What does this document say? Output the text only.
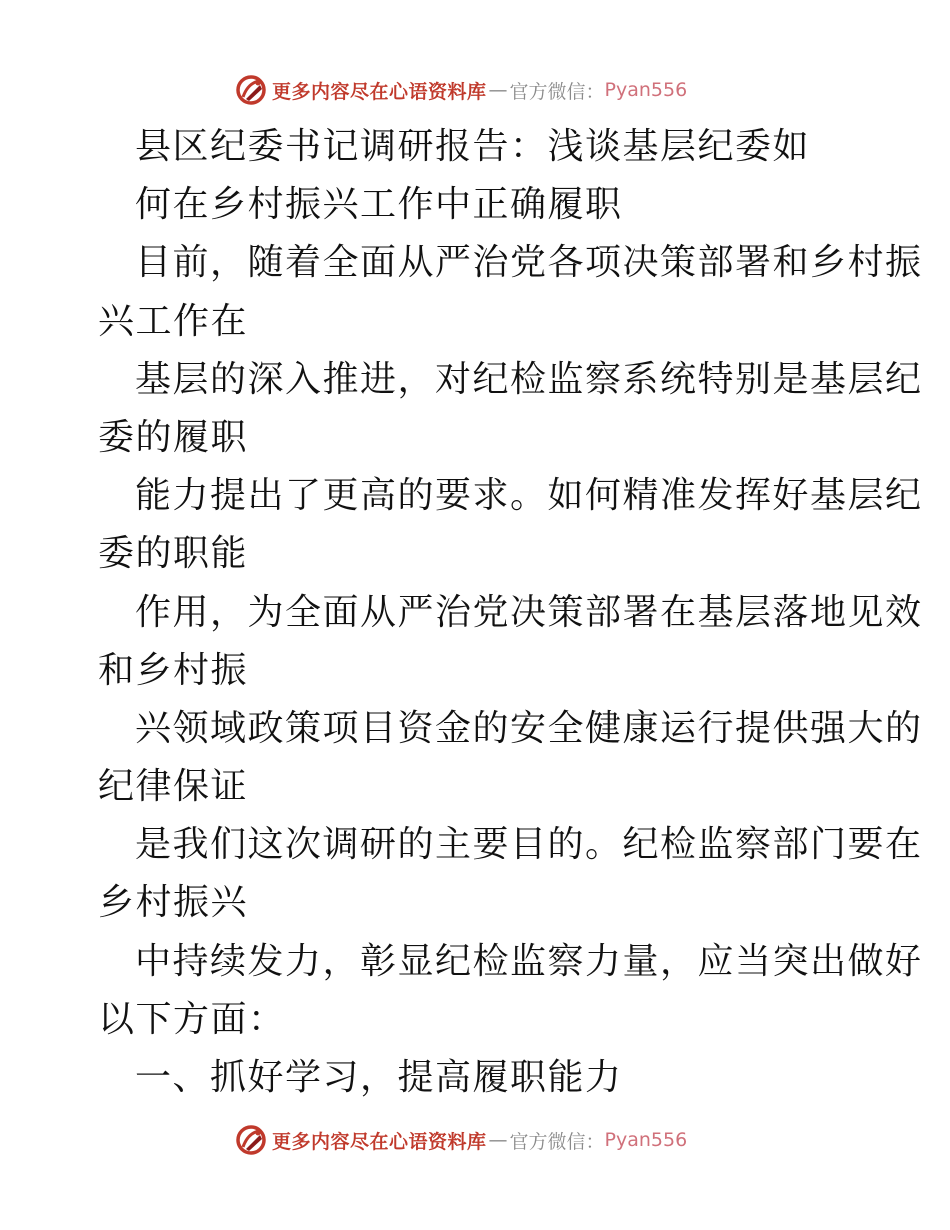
更多内容尽在心语资料库 — 官方微信： Pyan556
县区纪委书记调研报告：浅谈基层纪委如
何在乡村振兴工作中正确履职
目前，随着全面从严治党各项决策部署和乡村振
兴工作在
基层的深入推进，对纪检监察系统特别是基层纪
委的履职
能力提出了更高的要求。如何精准发挥好基层纪
委的职能
作用，为全面从严治党决策部署在基层落地见效
和乡村振
兴领域政策项目资金的安全健康运行提供强大的
纪律保证
是我们这次调研的主要目的。纪检监察部门要在
乡村振兴
中持续发力，彰显纪检监察力量，应当突出做好
以下方面：
一、抓好学习，提高履职能力
更多内容尽在心语资料库 — 官方微信： Pyan556
